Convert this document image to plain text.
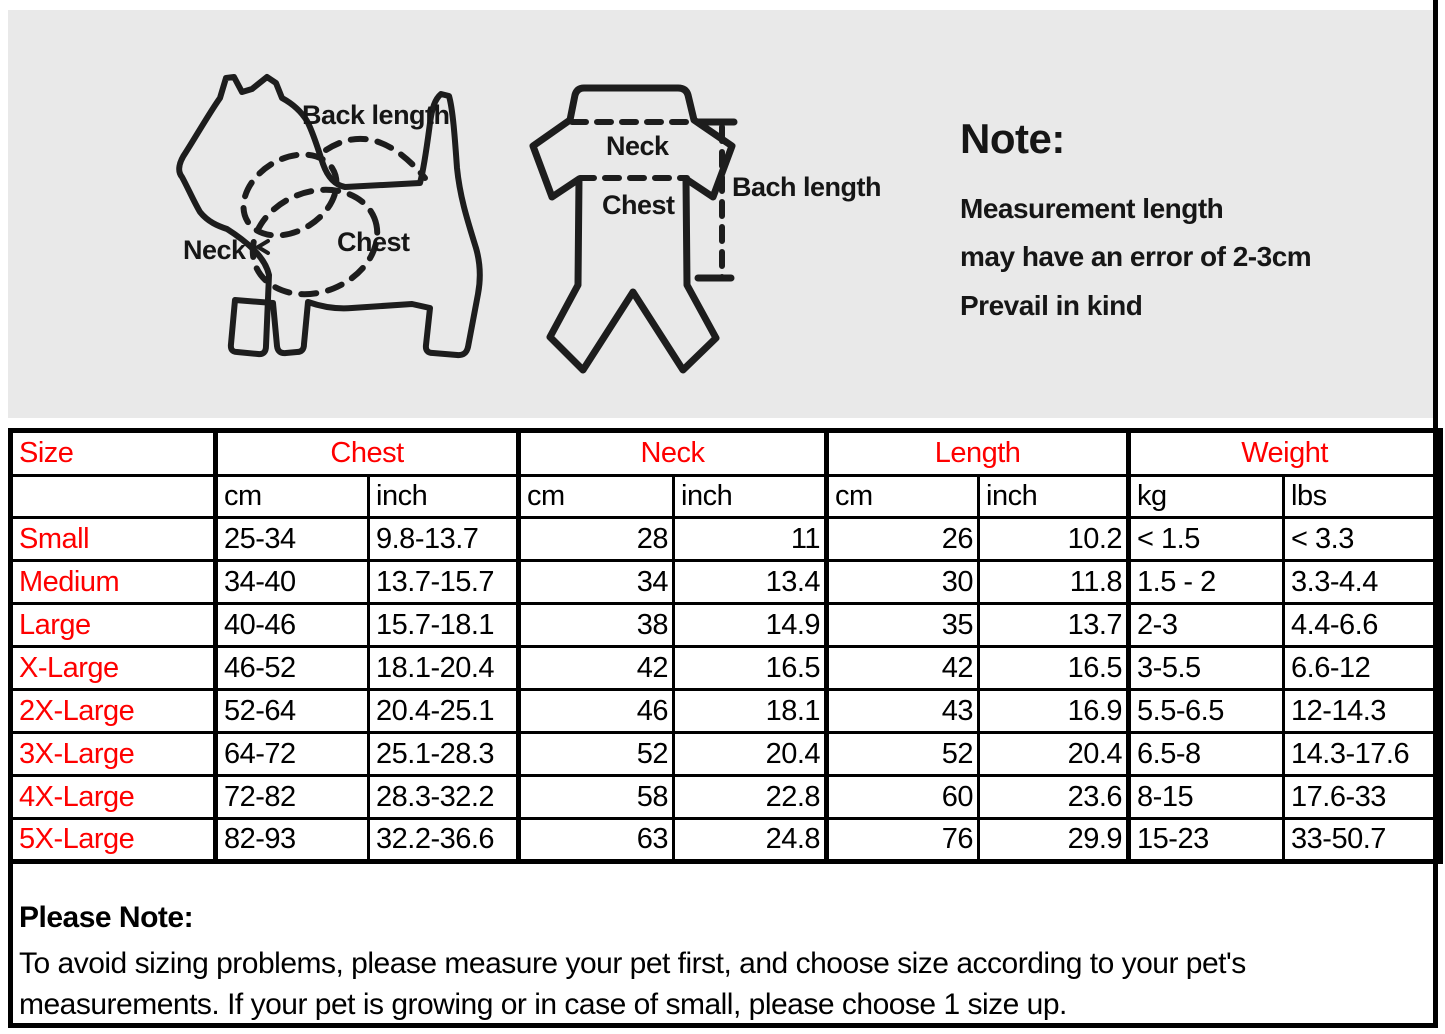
Back length
Neck	Chest
Neck
Chest
Bach length
Note:
Measurement length
may have an error of 2-3cm
Prevail in kind
Size	Chest		Neck		Length		Weight	
	cm	inch	cm	inch	cm	inch	kg	lbs
Small	25-34	9.8-13.7	28	11	26	10.2	< 1.5	< 3.3
Medium	34-40	13.7-15.7	34	13.4	30	11.8	1.5 - 2	3.3-4.4
Large	40-46	15.7-18.1	38	14.9	35	13.7	2-3	4.4-6.6
X-Large	46-52	18.1-20.4	42	16.5	42	16.5	3-5.5	6.6-12
2X-Large	52-64	20.4-25.1	46	18.1	43	16.9	5.5-6.5	12-14.3
3X-Large	64-72	25.1-28.3	52	20.4	52	20.4	6.5-8	14.3-17.6
4X-Large	72-82	28.3-32.2	58	22.8	60	23.6	8-15	17.6-33
5X-Large	82-93	32.2-36.6	63	24.8	76	29.9	15-23	33-50.7
Please Note:
To avoid sizing problems, please measure your pet first, and choose size according to your pet's
measurements. If your pet is growing or in case of small, please choose 1 size up.
